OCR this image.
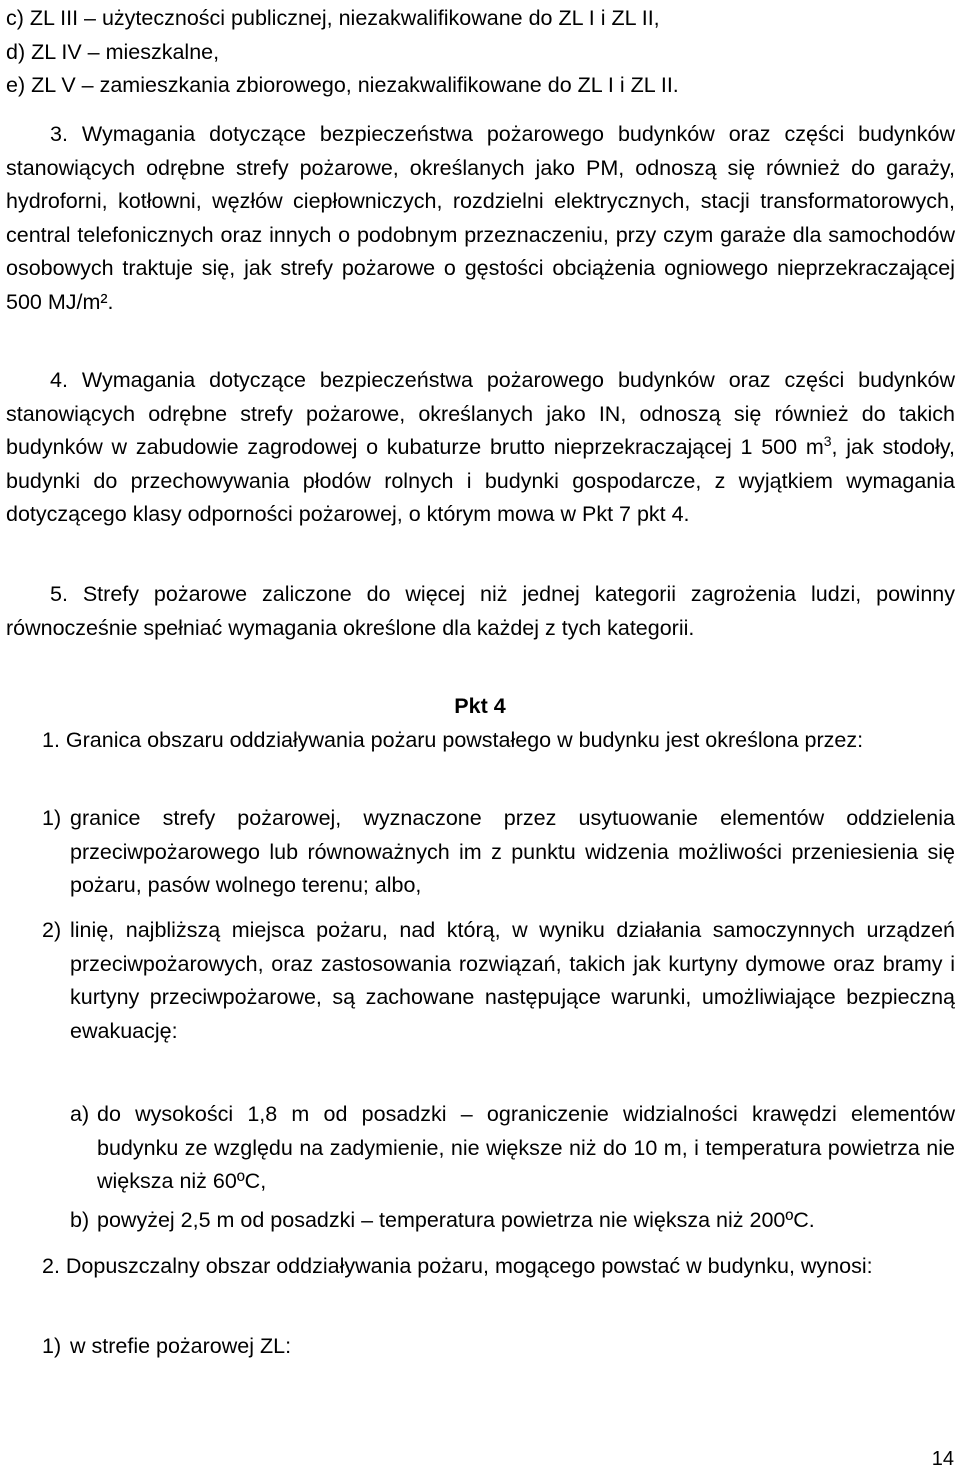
c) ZL III – użyteczności publicznej, niezakwalifikowane do ZL I i ZL II,
d) ZL IV – mieszkalne,
e) ZL V – zamieszkania zbiorowego, niezakwalifikowane do ZL I i ZL II.

3. Wymagania dotyczące bezpieczeństwa pożarowego budynków oraz części budynków stanowiących odrębne strefy pożarowe, określanych jako PM, odnoszą się również do garaży, hydroforni, kotłowni, węzłów ciepłowniczych, rozdzielni elektrycznych, stacji transformatorowych, central telefonicznych oraz innych o podobnym przeznaczeniu, przy czym garaże dla samochodów osobowych traktuje się, jak strefy pożarowe o gęstości obciążenia ogniowego nieprzekraczającej 500 MJ/m².

4. Wymagania dotyczące bezpieczeństwa pożarowego budynków oraz części budynków stanowiących odrębne strefy pożarowe, określanych jako IN, odnoszą się również do takich budynków w zabudowie zagrodowej o kubaturze brutto nieprzekraczającej 1 500 $m^3$, jak stodoły, budynki do przechowywania płodów rolnych i budynki gospodarcze, z wyjątkiem wymagania dotyczącego klasy odporności pożarowej, o którym mowa w Pkt 7 pkt 4.

5. Strefy pożarowe zaliczone do więcej niż jednej kategorii zagrożenia ludzi, powinny równocześnie spełniać wymagania określone dla każdej z tych kategorii.

Pkt 4

1. Granica obszaru oddziaływania pożaru powstałego w budynku jest określona przez:

1) granice strefy pożarowej, wyznaczone przez usytuowanie elementów oddzielenia przeciwpożarowego lub równoważnych im z punktu widzenia możliwości przeniesienia się pożaru, pasów wolnego terenu; albo,
2) linię, najbliższą miejsca pożaru, nad którą, w wyniku działania samoczynnych urządzeń przeciwpożarowych, oraz zastosowania rozwiązań, takich jak kurtyny dymowe oraz bramy i kurtyny przeciwpożarowe, są zachowane następujące warunki, umożliwiające bezpieczną ewakuację:
a) do wysokości 1,8 m od posadzki – ograniczenie widzialności krawędzi elementów budynku ze względu na zadymienie, nie większe niż do 10 m, i temperatura powietrza nie większa niż 60ºC,
b) powyżej 2,5 m od posadzki – temperatura powietrza nie większa niż 200ºC.

2. Dopuszczalny obszar oddziaływania pożaru, mogącego powstać w budynku, wynosi:

1) w strefie pożarowej ZL:
14
